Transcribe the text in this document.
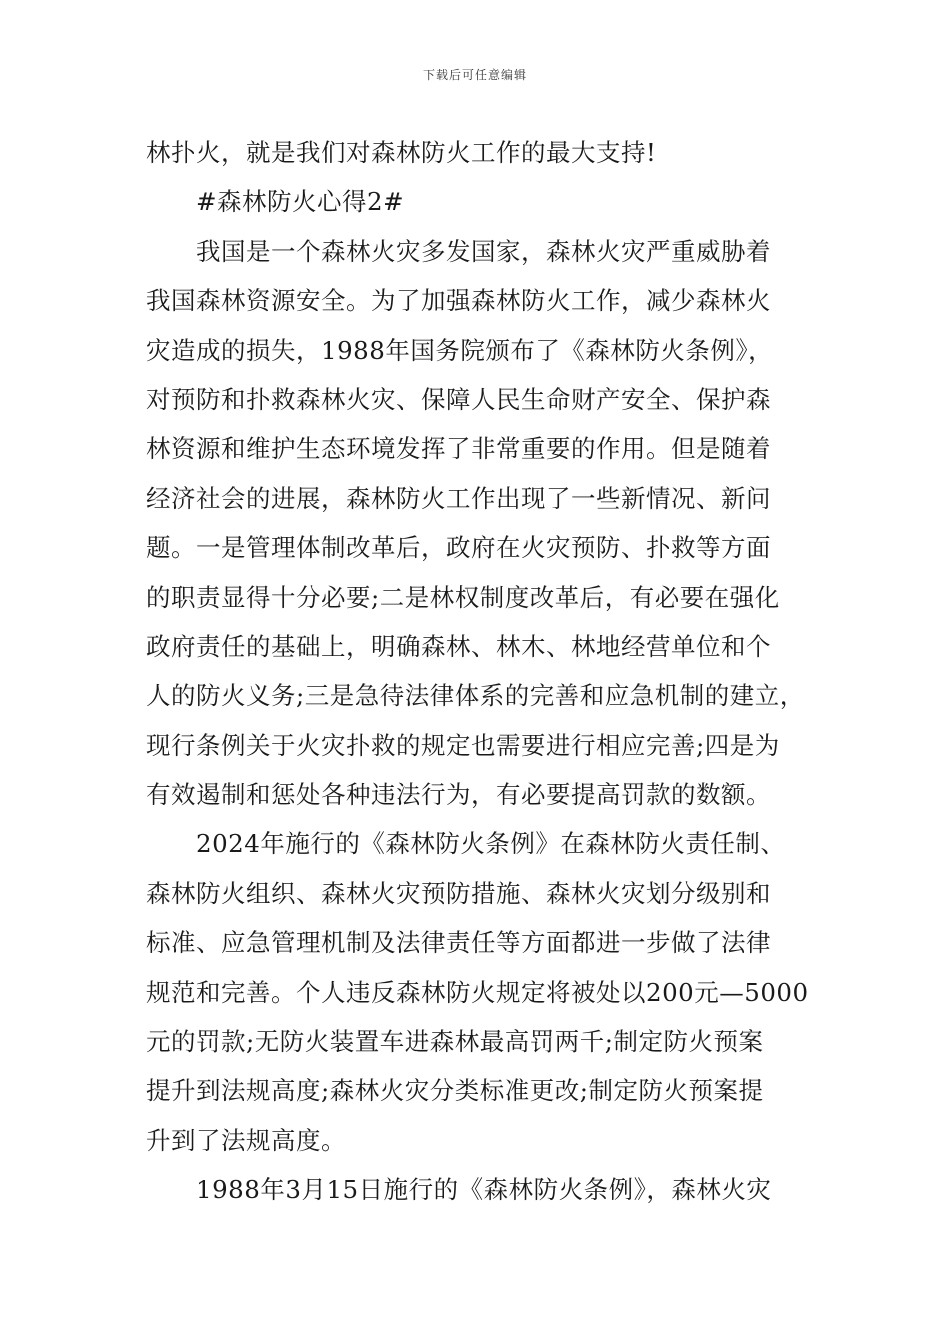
下载后可任意编辑
林扑火，就是我们对森林防火工作的最大支持!
#森林防火心得2#
我国是一个森林火灾多发国家，森林火灾严重威胁着
我国森林资源安全。为了加强森林防火工作，减少森林火
灾造成的损失，1988年国务院颁布了《森林防火条例》，
对预防和扑救森林火灾、保障人民生命财产安全、保护森
林资源和维护生态环境发挥了非常重要的作用。但是随着
经济社会的进展，森林防火工作出现了一些新情况、新问
题。一是管理体制改革后，政府在火灾预防、扑救等方面
的职责显得十分必要;二是林权制度改革后，有必要在强化
政府责任的基础上，明确森林、林木、林地经营单位和个
人的防火义务;三是急待法律体系的完善和应急机制的建立，
现行条例关于火灾扑救的规定也需要进行相应完善;四是为
有效遏制和惩处各种违法行为，有必要提高罚款的数额。
2024年施行的《森林防火条例》在森林防火责任制、
森林防火组织、森林火灾预防措施、森林火灾划分级别和
标准、应急管理机制及法律责任等方面都进一步做了法律
规范和完善。个人违反森林防火规定将被处以200元—5000
元的罚款;无防火装置车进森林最高罚两千;制定防火预案
提升到法规高度;森林火灾分类标准更改;制定防火预案提
升到了法规高度。
1988年3月15日施行的《森林防火条例》，森林火灾
